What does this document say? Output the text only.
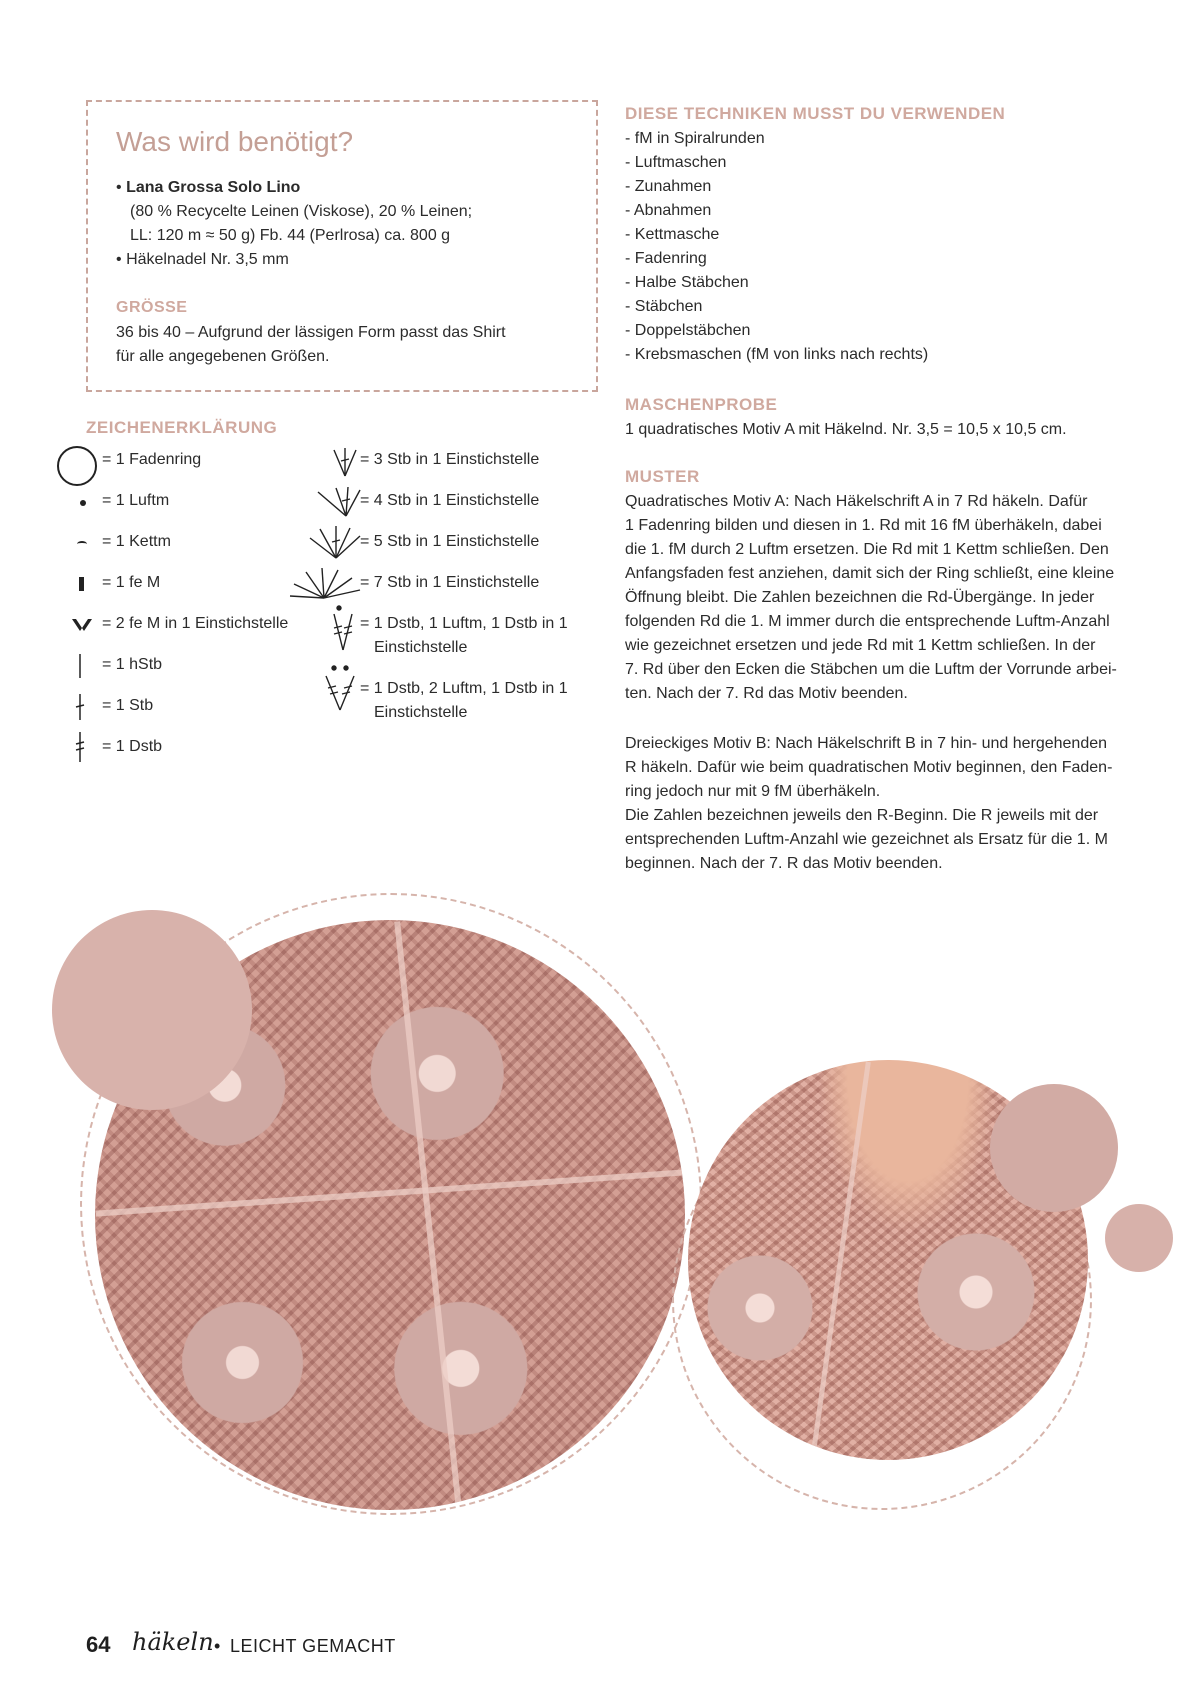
Was wird benötigt?
• Lana Grossa Solo Lino
(80 % Recycelte Leinen (Viskose), 20 % Leinen;
LL: 120 m ≈ 50 g) Fb. 44 (Perlrosa) ca. 800 g
• Häkelnadel Nr. 3,5 mm
GRÖSSE
36 bis 40 – Aufgrund der lässigen Form passt das Shirt
für alle angegebenen Größen.
ZEICHENERKLÄRUNG
= 1 Fadenring
= 1 Luftm
= 1 Kettm
= 1 fe M
= 2 fe M in 1 Einstichstelle
= 1 hStb
= 1 Stb
= 1 Dstb
= 3 Stb in 1 Einstichstelle
= 4 Stb in 1 Einstichstelle
= 5 Stb in 1 Einstichstelle
= 7 Stb in 1 Einstichstelle
= 1 Dstb, 1 Luftm, 1 Dstb in 1
Einstichstelle
= 1 Dstb, 2 Luftm, 1 Dstb in 1
Einstichstelle
DIESE TECHNIKEN MUSST DU VERWENDEN
- fM in Spiralrunden
- Luftmaschen
- Zunahmen
- Abnahmen
- Kettmasche
- Fadenring
- Halbe Stäbchen
- Stäbchen
- Doppelstäbchen
- Krebsmaschen (fM von links nach rechts)
MASCHENPROBE
1 quadratisches Motiv A mit Häkelnd. Nr. 3,5 = 10,5 x 10,5 cm.
MUSTER
Quadratisches Motiv A: Nach Häkelschrift A in 7 Rd häkeln. Dafür
1 Fadenring bilden und diesen in 1. Rd mit 16 fM überhäkeln, dabei
die 1. fM durch 2 Luftm ersetzen. Die Rd mit 1 Kettm schließen. Den
Anfangsfaden fest anziehen, damit sich der Ring schließt, eine kleine
Öffnung bleibt. Die Zahlen bezeichnen die Rd-Übergänge. In jeder
folgenden Rd die 1. M immer durch die entsprechende Luftm-Anzahl
wie gezeichnet ersetzen und jede Rd mit 1 Kettm schließen. In der
7. Rd über den Ecken die Stäbchen um die Luftm der Vorrunde arbei-
ten. Nach der 7. Rd das Motiv beenden.
Dreieckiges Motiv B: Nach Häkelschrift B in 7 hin- und hergehenden
R häkeln. Dafür wie beim quadratischen Motiv beginnen, den Faden-
ring jedoch nur mit 9 fM überhäkeln.
Die Zahlen bezeichnen jeweils den R-Beginn. Die R jeweils mit der
entsprechenden Luftm-Anzahl wie gezeichnet als Ersatz für die 1. M
beginnen. Nach der 7. R das Motiv beenden.
64 häkeln • LEICHT GEMACHT
